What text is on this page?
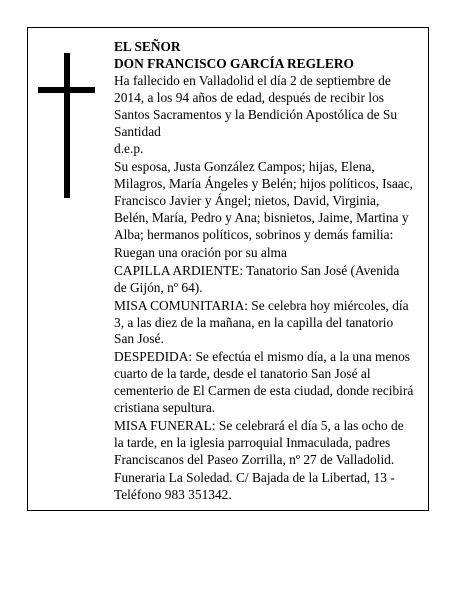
EL SEÑOR
DON FRANCISCO GARCÍA REGLERO
Ha fallecido en Valladolid el día 2 de septiembre de
2014, a los 94 años de edad, después de recibir los
Santos Sacramentos y la Bendición Apostólica de Su
Santidad
d.e.p.
Su esposa, Justa González Campos; hijas, Elena,
Milagros, María Ángeles y Belén; hijos políticos, Isaac,
Francisco Javier y Ángel; nietos, David, Virginia,
Belén, María, Pedro y Ana; bisnietos, Jaime, Martina y
Alba; hermanos políticos, sobrinos y demás familia:
Ruegan una oración por su alma
CAPILLA ARDIENTE: Tanatorio San José (Avenida
de Gijón, nº 64).
MISA COMUNITARIA: Se celebra hoy miércoles, día
3, a las diez de la mañana, en la capilla del tanatorio
San José.
DESPEDIDA: Se efectúa el mismo día, a la una menos
cuarto de la tarde, desde el tanatorio San José al
cementerio de El Carmen de esta ciudad, donde recibirá
cristiana sepultura.
MISA FUNERAL: Se celebrará el día 5, a las ocho de
la tarde, en la iglesia parroquial Inmaculada, padres
Franciscanos del Paseo Zorrilla, nº 27 de Valladolid.
Funeraria La Soledad. C/ Bajada de la Libertad, 13 -
Teléfono 983 351342.
